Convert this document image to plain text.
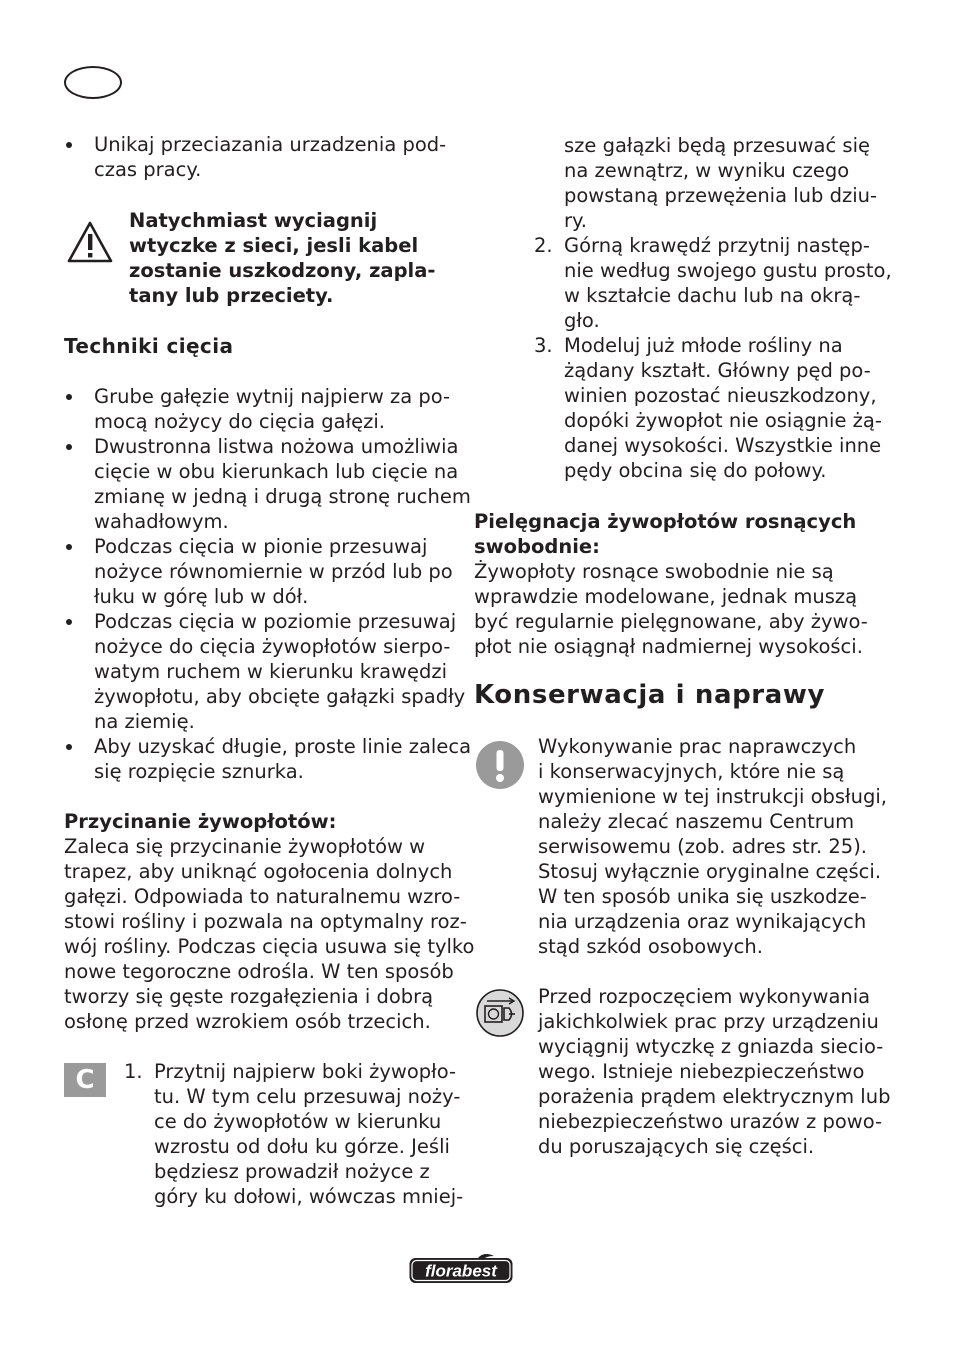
Unikaj przeciazania urzadzenia pod-
czas pracy.
Natychmiast wyciagnij
wtyczke z sieci, jesli kabel
zostanie uszkodzony, zapla-
tany lub przeciety.
Techniki cięcia
Grube gałęzie wytnij najpierw za po-
mocą nożycy do cięcia gałęzi.
Dwustronna listwa nożowa umożliwia
cięcie w obu kierunkach lub cięcie na
zmianę w jedną i drugą stronę ruchem
wahadłowym.
Podczas cięcia w pionie przesuwaj
nożyce równomiernie w przód lub po
łuku w górę lub w dół.
Podczas cięcia w poziomie przesuwaj
nożyce do cięcia żywopłotów sierpo-
watym ruchem w kierunku krawędzi
żywopłotu, aby obcięte gałązki spadły
na ziemię.
Aby uzyskać długie, proste linie zaleca
się rozpięcie sznurka.
Przycinanie żywopłotów:
Zaleca się przycinanie żywopłotów w
trapez, aby uniknąć ogołocenia dolnych
gałęzi. Odpowiada to naturalnemu wzro-
stowi rośliny i pozwala na optymalny roz-
wój rośliny. Podczas cięcia usuwa się tylko
nowe tegoroczne odrośla. W ten sposób
tworzy się gęste rozgałęzienia i dobrą
osłonę przed wzrokiem osób trzecich.
C	1. Przytnij najpierw boki żywopło-
tu. W tym celu przesuwaj noży-
ce do żywopłotów w kierunku
wzrostu od dołu ku górze. Jeśli
będziesz prowadził nożyce z
góry ku dołowi, wówczas mniej-
sze gałązki będą przesuwać się
na zewnątrz, w wyniku czego
powstaną przewężenia lub dziu-
ry.
2. Górną krawędź przytnij następ-
nie według swojego gustu prosto,
w kształcie dachu lub na okrą-
gło.
3. Modeluj już młode rośliny na
żądany kształt. Główny pęd po-
winien pozostać nieuszkodzony,
dopóki żywopłot nie osiągnie żą-
danej wysokości. Wszystkie inne
pędy obcina się do połowy.
Pielęgnacja żywopłotów rosnących
swobodnie:
Żywopłoty rosnące swobodnie nie są
wprawdzie modelowane, jednak muszą
być regularnie pielęgnowane, aby żywo-
płot nie osiągnął nadmiernej wysokości.
Konserwacja i naprawy
Wykonywanie prac naprawczych
i konserwacyjnych, które nie są
wymienione w tej instrukcji obsługi,
należy zlecać naszemu Centrum
serwisowemu (zob. adres str. 25).
Stosuj wyłącznie oryginalne części.
W ten sposób unika się uszkodze-
nia urządzenia oraz wynikających
stąd szkód osobowych.
Przed rozpoczęciem wykonywania
jakichkolwiek prac przy urządzeniu
wyciągnij wtyczkę z gniazda siecio-
wego. Istnieje niebezpieczeństwo
porażenia prądem elektrycznym lub
niebezpieczeństwo urazów z powo-
du poruszających się części.
florabest
